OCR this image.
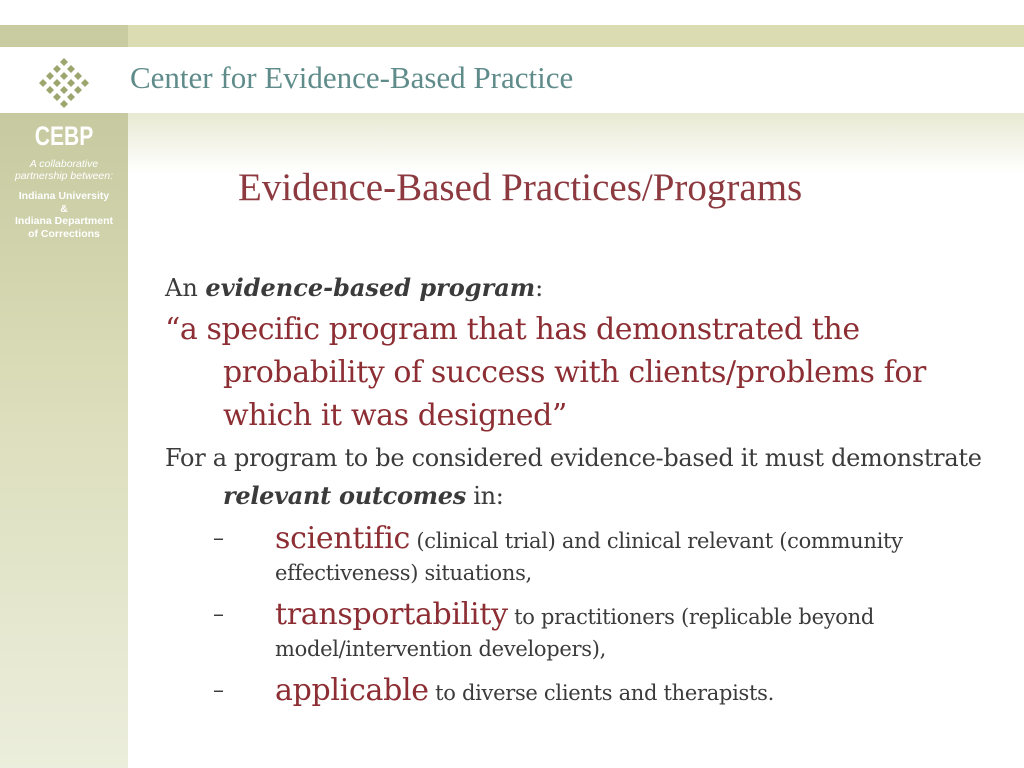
Center for Evidence-Based Practice
CEBP
A collaborative
partnership between:
Indiana University
&
Indiana Department
of Corrections
Evidence-Based Practices/Programs

An evidence-based program:

“a specific program that has demonstrated the probability of success with clients/problems for which it was designed”

For a program to be considered evidence-based it must demonstrate relevant outcomes in:

– scientific (clinical trial) and clinical relevant (community effectiveness) situations,
– transportability to practitioners (replicable beyond model/intervention developers),
– applicable to diverse clients and therapists.
